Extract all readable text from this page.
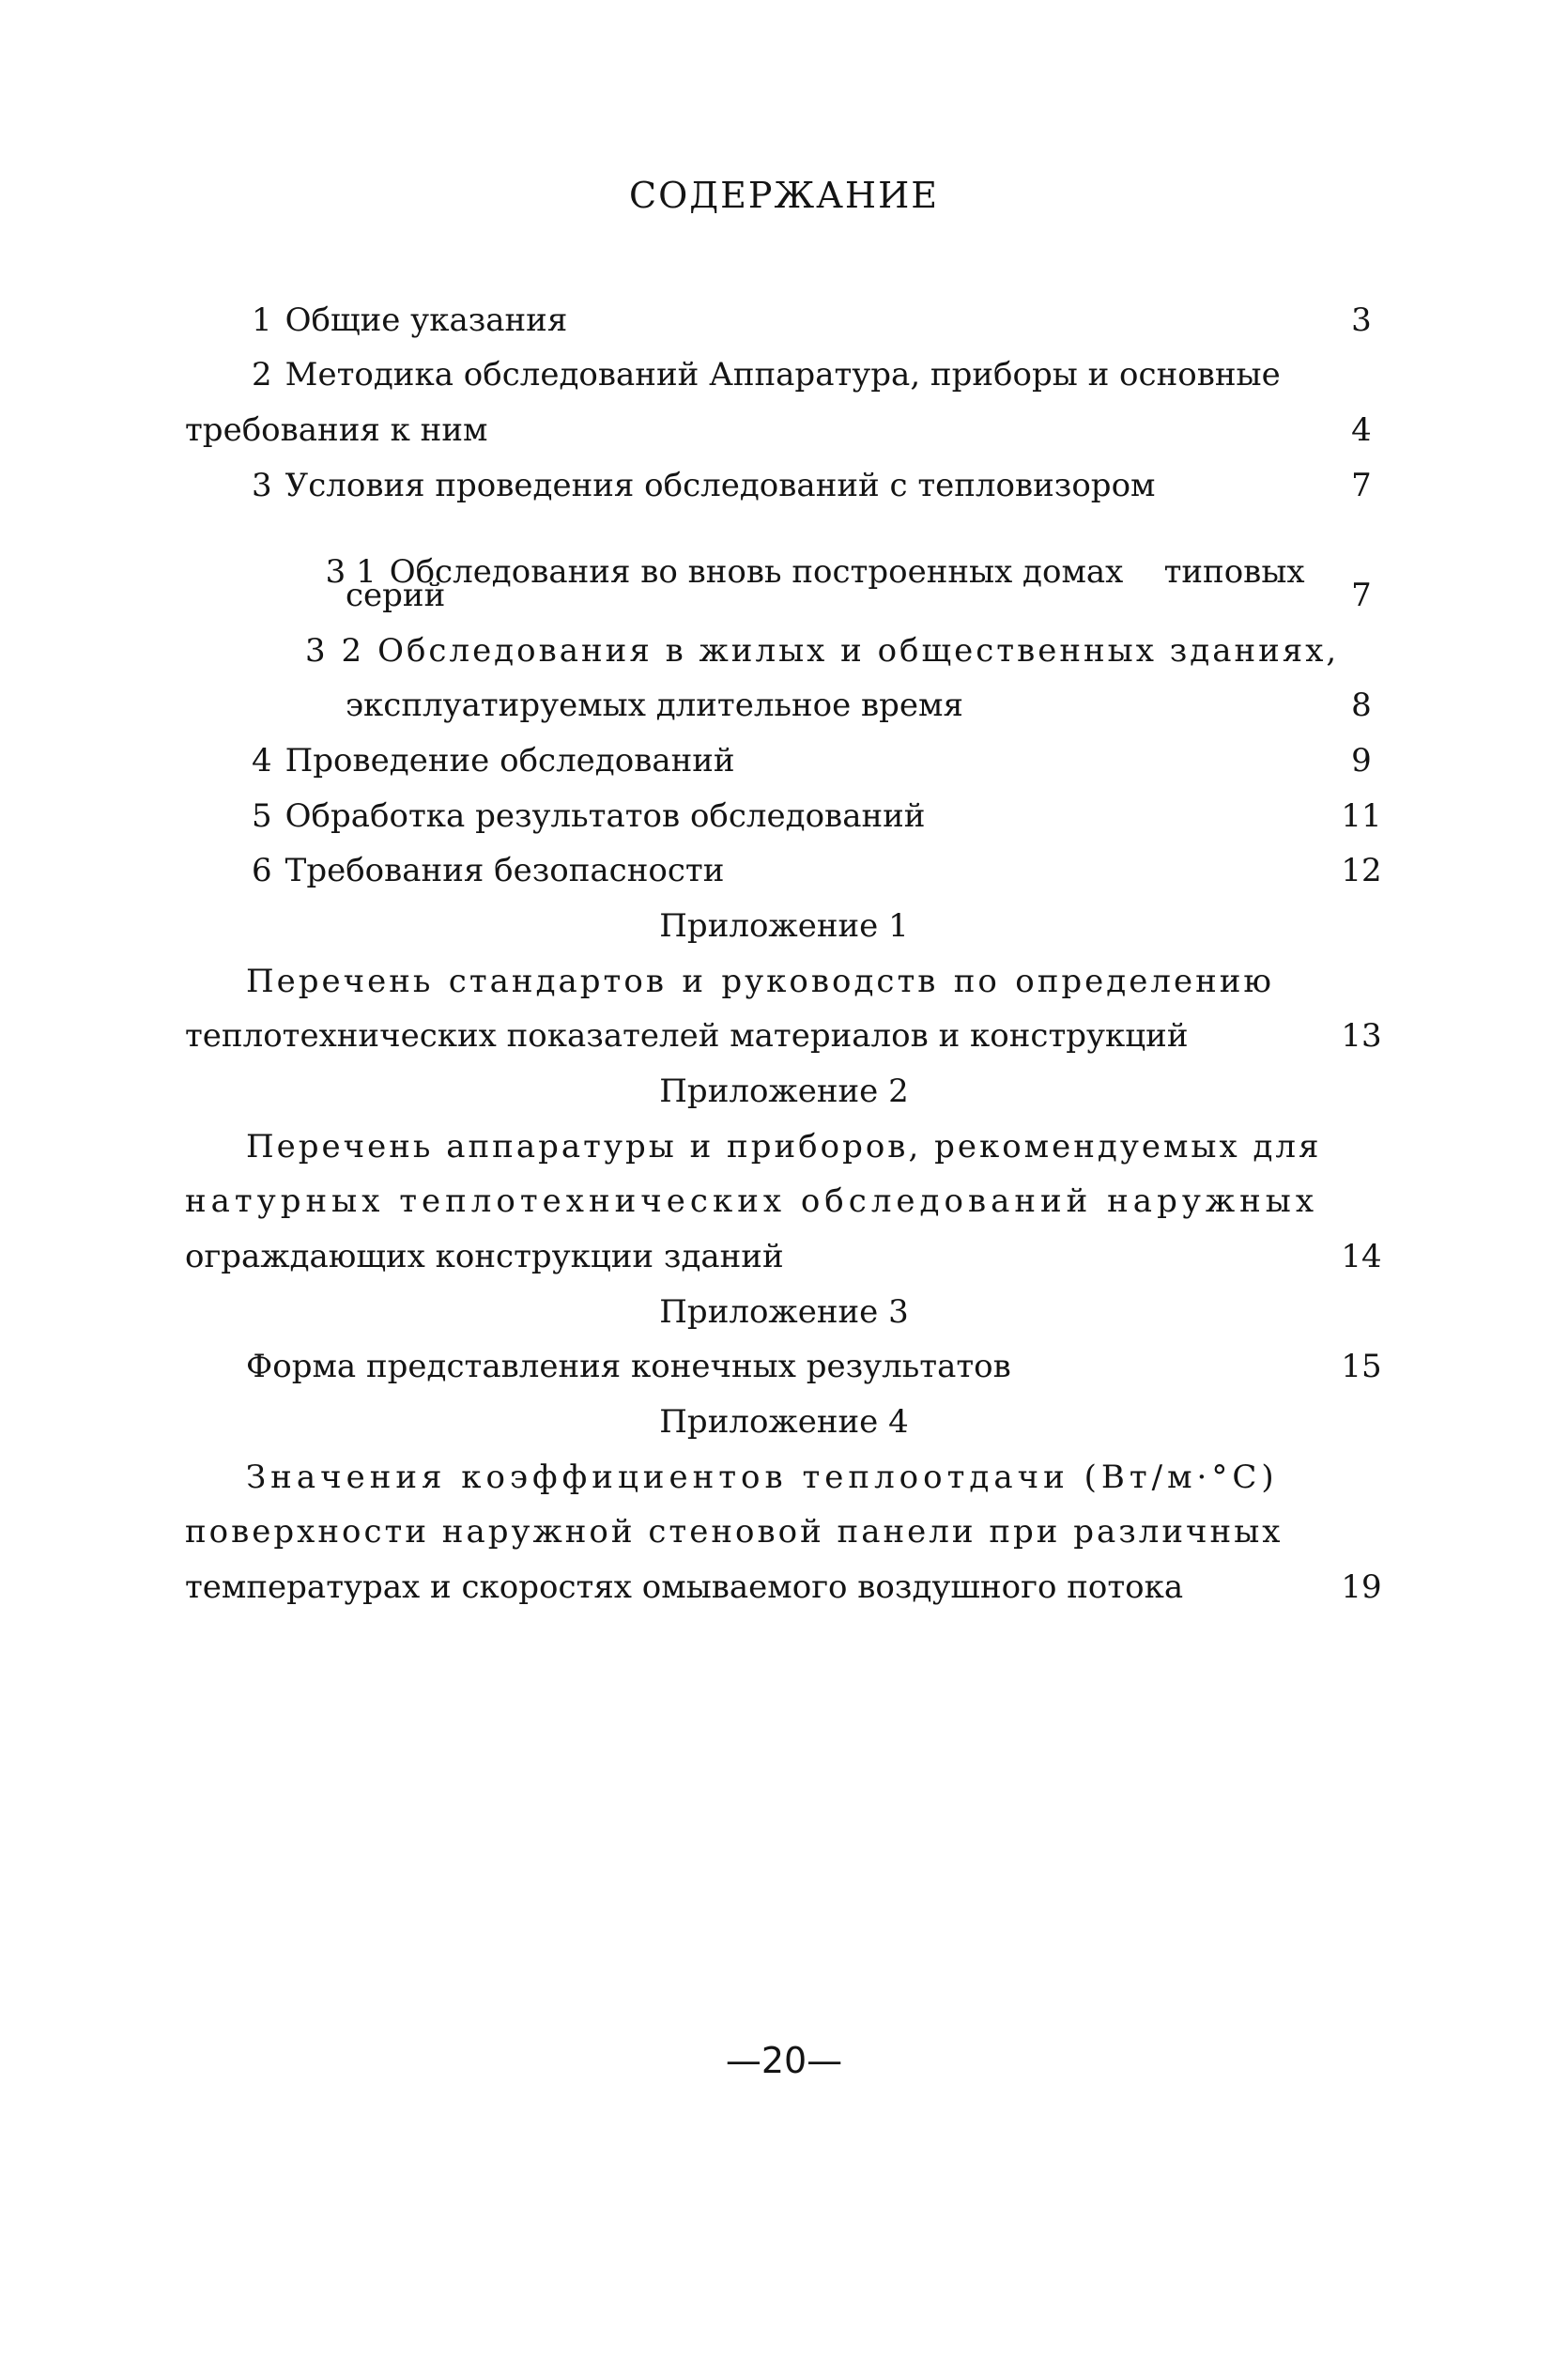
СОДЕРЖАНИЕ
1 Общие указания	3
2 Методика обследований Аппаратура, приборы и основные
требования к ним	4
3 Условия проведения обследований с тепловизором	7

3 1 Обследования во вновь построенных домах    типовых

серий	7
3 2 Обследования в жилых и общественных зданиях,
эксплуатируемых длительное время	8
4 Проведение обследований	9
5 Обработка результатов обследований	11
6 Требования безопасности	12
Приложение 1
Перечень стандартов и руководств по определению
теплотехнических показателей материалов и конструкций	13
Приложение 2
Перечень аппаратуры и приборов, рекомендуемых для
натурных теплотехнических обследований наружных
ограждающих конструкции зданий	14
Приложение 3
Форма представления конечных результатов	15
Приложение 4
Значения коэффициентов теплоотдачи (Вт/м·°С)
поверхности наружной стеновой панели при различных
температурах и скоростях омываемого воздушного потока	19
—20—
